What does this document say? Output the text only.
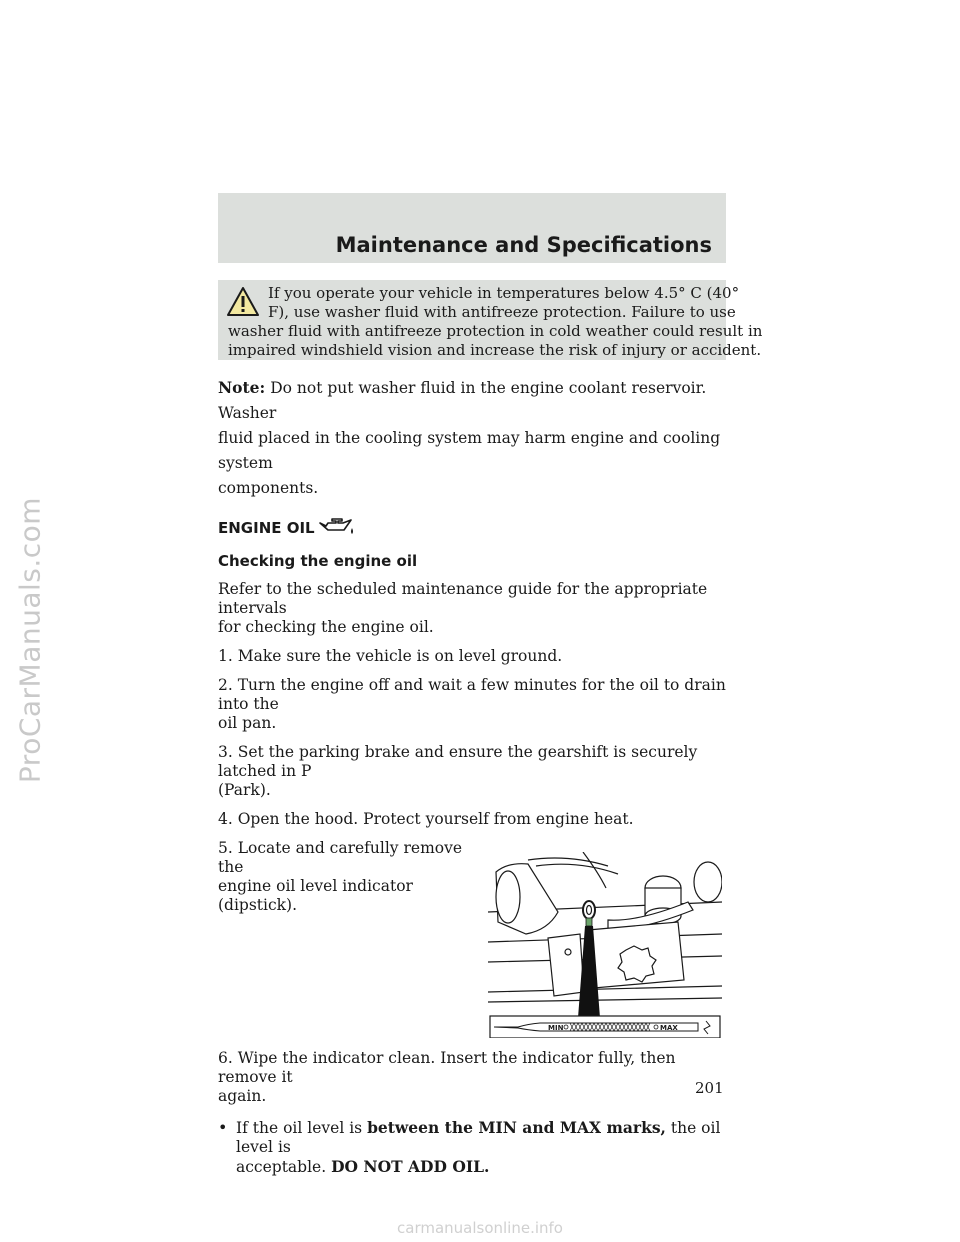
ProCarManuals.com
Maintenance and Specifications
If you operate your vehicle in temperatures below 4.5° C (40°
F), use washer fluid with antifreeze protection. Failure to use
washer fluid with antifreeze protection in cold weather could result in
impaired windshield vision and increase the risk of injury or accident.

Note: Do not put washer fluid in the engine coolant reservoir. Washer
fluid placed in the cooling system may harm engine and cooling system
components.

ENGINE OIL
Checking the engine oil

Refer to the scheduled maintenance guide for the appropriate intervals
for checking the engine oil.

1. Make sure the vehicle is on level ground.

2. Turn the engine off and wait a few minutes for the oil to drain into the
oil pan.

3. Set the parking brake and ensure the gearshift is securely latched in P
(Park).

4. Open the hood. Protect yourself from engine heat.

5. Locate and carefully remove the
engine oil level indicator (dipstick).

MIN	MAX

6. Wipe the indicator clean. Insert the indicator fully, then remove it
again.

• If the oil level is between the MIN and MAX marks, the oil level is
acceptable. DO NOT ADD OIL.

201
carmanualsonline.info
